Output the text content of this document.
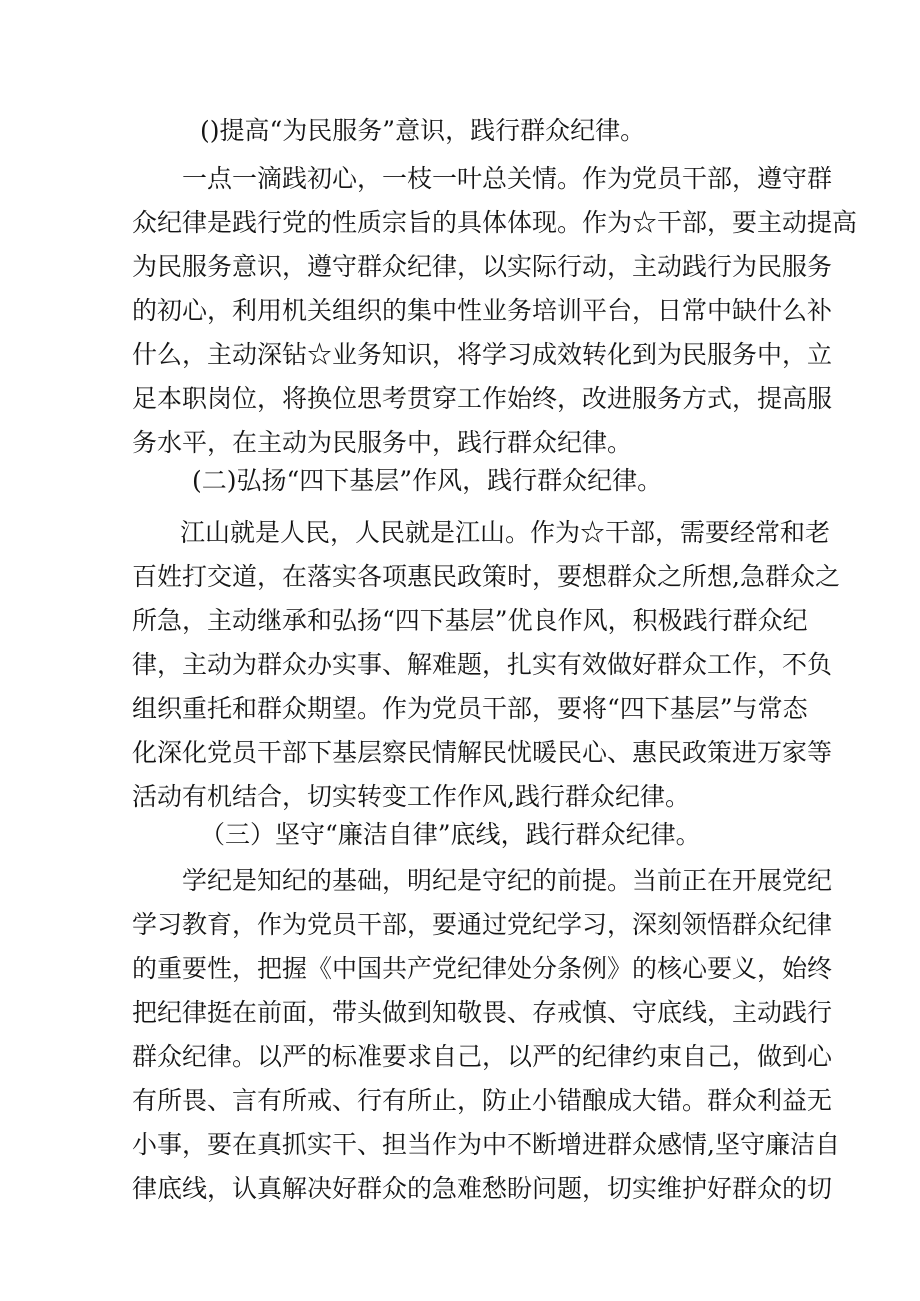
()提高“为民服务”意识，践行群众纪律。
一点一滴践初心，一枝一叶总关情。作为党员干部，遵守群
众纪律是践行党的性质宗旨的具体体现。作为☆干部，要主动提高
为民服务意识，遵守群众纪律，以实际行动，主动践行为民服务
的初心，利用机关组织的集中性业务培训平台，日常中缺什么补
什么，主动深钻☆业务知识，将学习成效转化到为民服务中，立
足本职岗位，将换位思考贯穿工作始终，改进服务方式，提高服
务水平，在主动为民服务中，践行群众纪律。
(二)弘扬“四下基层”作风，践行群众纪律。
江山就是人民，人民就是江山。作为☆干部，需要经常和老
百姓打交道，在落实各项惠民政策时，要想群众之所想,急群众之
所急，主动继承和弘扬“四下基层”优良作风，积极践行群众纪
律，主动为群众办实事、解难题，扎实有效做好群众工作，不负
组织重托和群众期望。作为党员干部，要将“四下基层”与常态
化深化党员干部下基层察民情解民忧暖民心、惠民政策进万家等
活动有机结合，切实转变工作作风,践行群众纪律。
（三）坚守“廉洁自律”底线，践行群众纪律。
学纪是知纪的基础，明纪是守纪的前提。当前正在开展党纪
学习教育，作为党员干部，要通过党纪学习，深刻领悟群众纪律
的重要性，把握《中国共产党纪律处分条例》的核心要义，始终
把纪律挺在前面，带头做到知敬畏、存戒慎、守底线，主动践行
群众纪律。以严的标准要求自己，以严的纪律约束自己，做到心
有所畏、言有所戒、行有所止，防止小错酿成大错。群众利益无
小事，要在真抓实干、担当作为中不断增进群众感情,坚守廉洁自
律底线，认真解决好群众的急难愁盼问题，切实维护好群众的切
